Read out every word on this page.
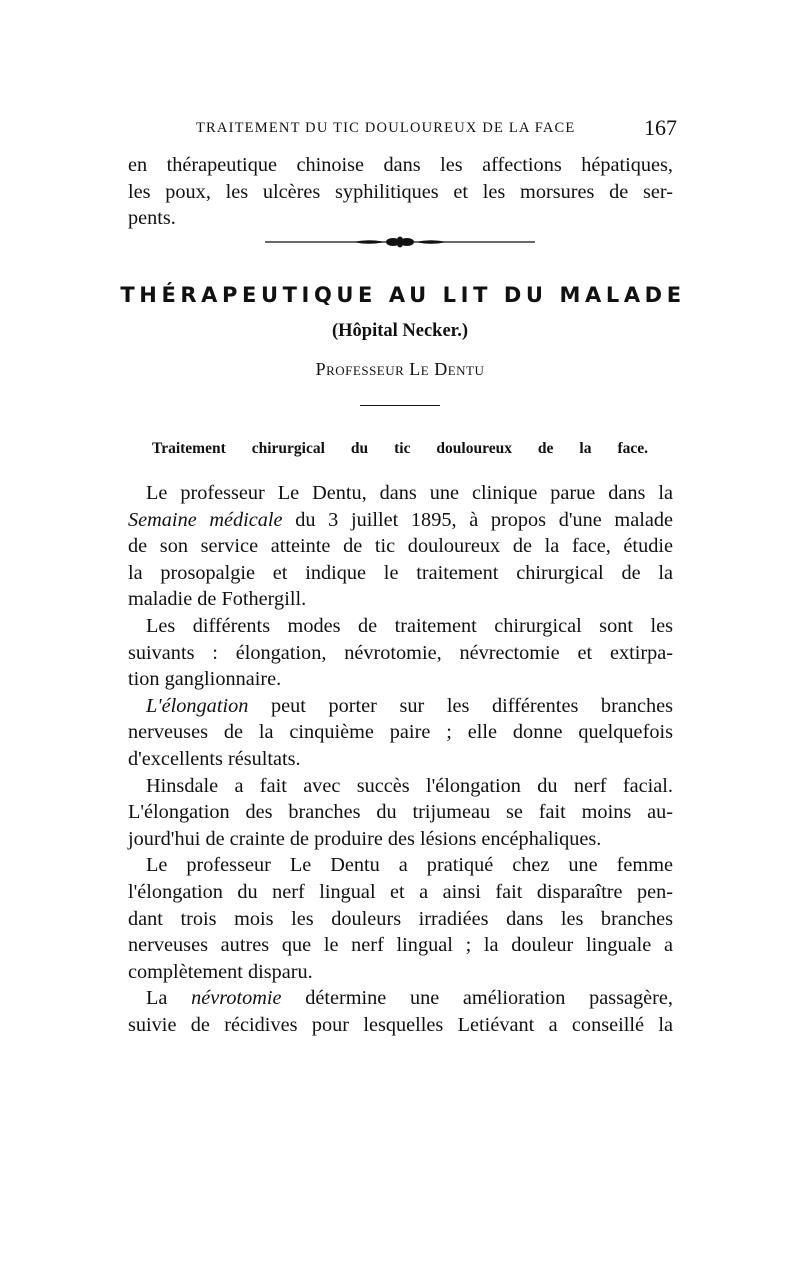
TRAITEMENT DU TIC DOULOUREUX DE LA FACE	167
en thérapeutique chinoise dans les affections hépatiques,
les poux, les ulcères syphilitiques et les morsures de ser-
pents.
THÉRAPEUTIQUE AU LIT DU MALADE
(Hôpital Necker.)
Professeur Le Dentu
Traitement chirurgical du tic douloureux de la face.
Le professeur Le Dentu, dans une clinique parue dans la
Semaine médicale du 3 juillet 1895, à propos d'une malade
de son service atteinte de tic douloureux de la face, étudie
la prosopalgie et indique le traitement chirurgical de la
maladie de Fothergill.
Les différents modes de traitement chirurgical sont les
suivants : élongation, névrotomie, névrectomie et extirpa-
tion ganglionnaire.
L'élongation peut porter sur les différentes branches
nerveuses de la cinquième paire ; elle donne quelquefois
d'excellents résultats.
Hinsdale a fait avec succès l'élongation du nerf facial.
L'élongation des branches du trijumeau se fait moins au-
jourd'hui de crainte de produire des lésions encéphaliques.
Le professeur Le Dentu a pratiqué chez une femme
l'élongation du nerf lingual et a ainsi fait disparaître pen-
dant trois mois les douleurs irradiées dans les branches
nerveuses autres que le nerf lingual ; la douleur linguale a
complètement disparu.
La névrotomie détermine une amélioration passagère,
suivie de récidives pour lesquelles Letiévant a conseillé la
